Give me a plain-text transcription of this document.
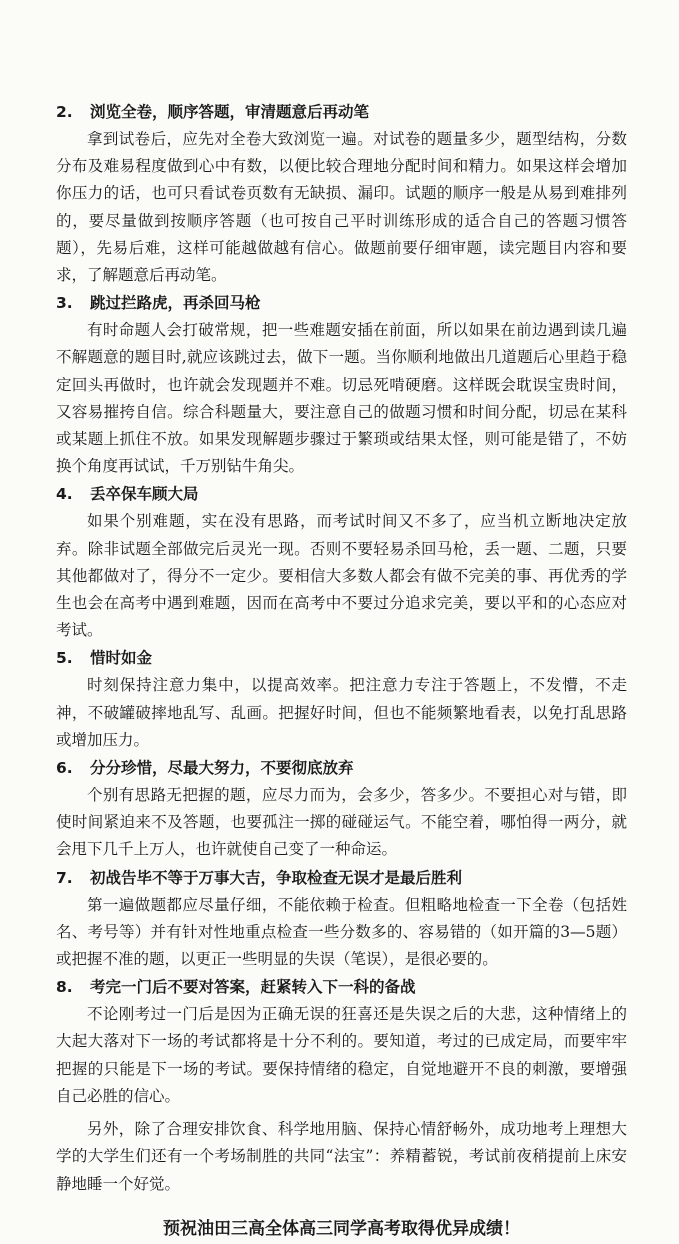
2.	浏览全卷，顺序答题，审清题意后再动笔

拿到试卷后，应先对全卷大致浏览一遍。对试卷的题量多少，题型结构，分数分布及难易程度做到心中有数，以便比较合理地分配时间和精力。如果这样会增加你压力的话，也可只看试卷页数有无缺损、漏印。试题的顺序一般是从易到难排列的，要尽量做到按顺序答题（也可按自己平时训练形成的适合自己的答题习惯答题），先易后难，这样可能越做越有信心。做题前要仔细审题，读完题目内容和要求，了解题意后再动笔。

3.	跳过拦路虎，再杀回马枪

有时命题人会打破常规，把一些难题安插在前面，所以如果在前边遇到读几遍不解题意的题目时,就应该跳过去，做下一题。当你顺利地做出几道题后心里趋于稳定回头再做时，也许就会发现题并不难。切忌死啃硬磨。这样既会耽误宝贵时间，又容易摧挎自信。综合科题量大，要注意自己的做题习惯和时间分配，切忌在某科或某题上抓住不放。如果发现解题步骤过于繁琐或结果太怪，则可能是错了，不妨换个角度再试试，千万别钻牛角尖。

4.	丢卒保车顾大局

如果个别难题，实在没有思路，而考试时间又不多了，应当机立断地决定放弃。除非试题全部做完后灵光一现。否则不要轻易杀回马枪，丢一题、二题，只要其他都做对了，得分不一定少。要相信大多数人都会有做不完美的事、再优秀的学生也会在高考中遇到难题，因而在高考中不要过分追求完美，要以平和的心态应对考试。

5.	惜时如金

时刻保持注意力集中，以提高效率。把注意力专注于答题上，不发懵，不走神，不破罐破摔地乱写、乱画。把握好时间，但也不能频繁地看表，以免打乱思路或增加压力。

6.	分分珍惜，尽最大努力，不要彻底放弃

个别有思路无把握的题，应尽力而为，会多少，答多少。不要担心对与错，即使时间紧迫来不及答题，也要孤注一掷的碰碰运气。不能空着，哪怕得一两分，就会甩下几千上万人，也许就使自己变了一种命运。

7.	初战告毕不等于万事大吉，争取检查无误才是最后胜利

第一遍做题都应尽量仔细，不能依赖于检查。但粗略地检查一下全卷（包括姓名、考号等）并有针对性地重点检查一些分数多的、容易错的（如开篇的3—5题）或把握不准的题，以更正一些明显的失误（笔误），是很必要的。

8.	考完一门后不要对答案，赶紧转入下一科的备战

不论刚考过一门后是因为正确无误的狂喜还是失误之后的大悲，这种情绪上的大起大落对下一场的考试都将是十分不利的。要知道，考过的已成定局，而要牢牢把握的只能是下一场的考试。要保持情绪的稳定，自觉地避开不良的刺激，要增强自己必胜的信心。

另外，除了合理安排饮食、科学地用脑、保持心情舒畅外，成功地考上理想大学的大学生们还有一个考场制胜的共同“法宝”：养精蓄锐，考试前夜稍提前上床安静地睡一个好觉。

预祝油田三高全体高三同学高考取得优异成绩！
